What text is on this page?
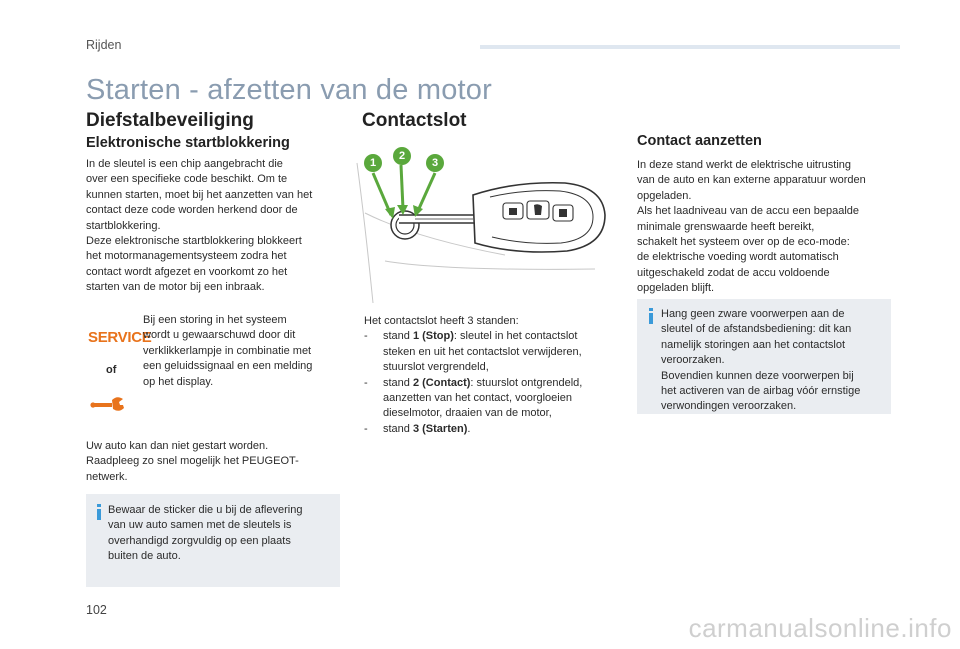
Rijden
Starten - afzetten van de motor
Diefstalbeveiliging
Elektronische startblokkering

In de sleutel is een chip aangebracht die

over een specifieke code beschikt. Om te

kunnen starten, moet bij het aanzetten van het

contact deze code worden herkend door de

startblokkering.

Deze elektronische startblokkering blokkeert

het motormanagementsysteem zodra het

contact wordt afgezet en voorkomt zo het

starten van de motor bij een inbraak.

SERVICE
of

Bij een storing in het systeem

wordt u gewaarschuwd door dit

verklikkerlampje in combinatie met

een geluidssignaal en een melding

op het display.

Uw auto kan dan niet gestart worden.

Raadpleeg zo snel mogelijk het PEUGEOT-

netwerk.

Bewaar de sticker die u bij de aflevering
van uw auto samen met de sleutels is
overhandigd zorgvuldig op een plaats
buiten de auto.
Contactslot
1
2
3

Het contactslot heeft 3 standen:

- stand 1 (Stop): sleutel in het contactslot
steken en uit het contactslot verwijderen,
stuurslot vergrendeld,
- stand 2 (Contact): stuurslot ontgrendeld,
aanzetten van het contact, voorgloeien
dieselmotor, draaien van de motor,
- stand 3 (Starten).
Contact aanzetten

In deze stand werkt de elektrische uitrusting

van de auto en kan externe apparatuur worden

opgeladen.

Als het laadniveau van de accu een bepaalde

minimale grenswaarde heeft bereikt,

schakelt het systeem over op de eco-mode:

de elektrische voeding wordt automatisch

uitgeschakeld zodat de accu voldoende

opgeladen blijft.

Hang geen zware voorwerpen aan de
sleutel of de afstandsbediening: dit kan
namelijk storingen aan het contactslot
veroorzaken.
Bovendien kunnen deze voorwerpen bij
het activeren van de airbag vóór ernstige
verwondingen veroorzaken.
102
carmanualsonline.info
